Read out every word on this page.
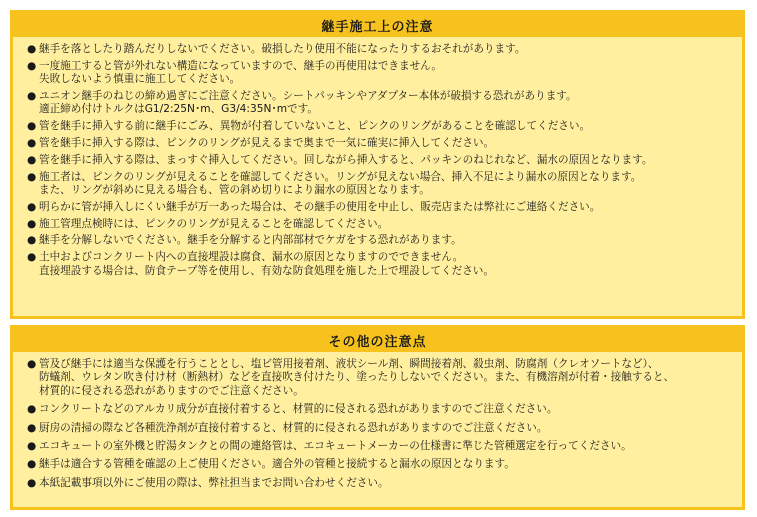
継手施工上の注意
● 継手を落としたり踏んだりしないでください。破損したり使用不能になったりするおそれがあります。
● 一度施工すると管が外れない構造になっていますので、継手の再使用はできません。
失敗しないよう慎重に施工してください。
● ユニオン継手のねじの締め過ぎにご注意ください。シートパッキンやアダプター本体が破損する恐れがあります。
適正締め付けトルクはG1/2:25N･m、G3/4:35N･mです。
● 管を継手に挿入する前に継手にごみ、異物が付着していないこと、ピンクのリングがあることを確認してください。
● 管を継手に挿入する際は、ピンクのリングが見えるまで奥まで一気に確実に挿入してください。
● 管を継手に挿入する際は、まっすぐ挿入してください。回しながら挿入すると、パッキンのねじれなど、漏水の原因となります。
● 施工者は、ピンクのリングが見えることを確認してください。リングが見えない場合、挿入不足により漏水の原因となります。
また、リングが斜めに見える場合も、管の斜め切りにより漏水の原因となります。
● 明らかに管が挿入しにくい継手が万一あった場合は、その継手の使用を中止し、販売店または弊社にご連絡ください。
● 施工管理点検時には、ピンクのリングが見えることを確認してください。
● 継手を分解しないでください。継手を分解すると内部部材でケガをする恐れがあります。
● 土中およびコンクリート内への直接埋設は腐食、漏水の原因となりますのでできません。
直接埋設する場合は、防食テープ等を使用し、有効な防食処理を施した上で埋設してください。
その他の注意点
● 管及び継手には適当な保護を行うこととし、塩ビ管用接着剤、液状シール剤、瞬間接着剤、殺虫剤、防腐剤（クレオソートなど）、
防蟻剤、ウレタン吹き付け材（断熱材）などを直接吹き付けたり、塗ったりしないでください。また、有機溶剤が付着・接触すると、
材質的に侵される恐れがありますのでご注意ください。
● コンクリートなどのアルカリ成分が直接付着すると、材質的に侵される恐れがありますのでご注意ください。
● 厨房の清掃の際など各種洗浄剤が直接付着すると、材質的に侵される恐れがありますのでご注意ください。
● エコキュートの室外機と貯湯タンクとの間の連絡管は、エコキュートメーカーの仕様書に準じた管種選定を行ってください。
● 継手は適合する管種を確認の上ご使用ください。適合外の管種と接続すると漏水の原因となります。
● 本紙記載事項以外にご使用の際は、弊社担当までお問い合わせください。
